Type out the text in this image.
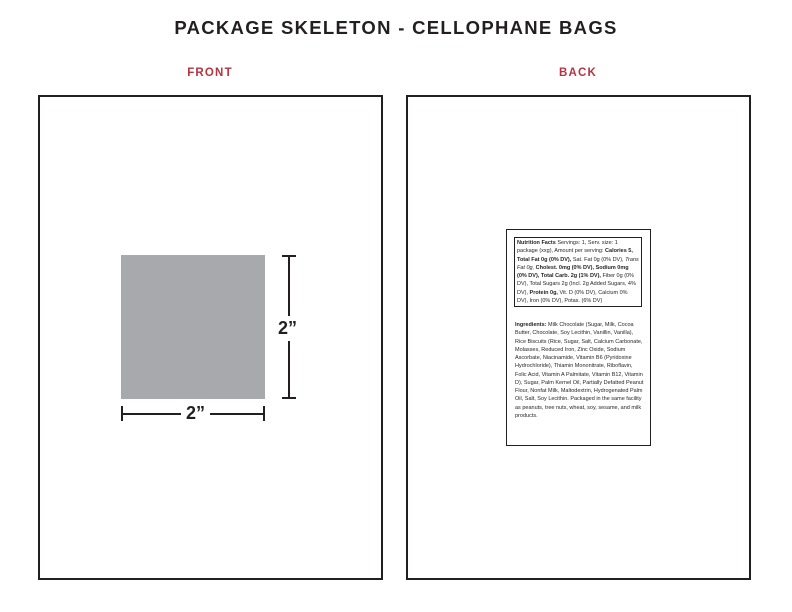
PACKAGE SKELETON - CELLOPHANE BAGS
FRONT	BACK
2”
2”
Nutrition Facts Servings: 1, Serv. size: 1 package (xxg), Amount per serving: Calories 5, Total Fat 0g (0% DV), Sat. Fat 0g (0% DV), Trans Fat 0g, Cholest. 0mg (0% DV), Sodium 0mg (0% DV), Total Carb. 2g (1% DV), Fiber 0g (0% DV), Total Sugars 2g (Incl. 2g Added Sugars, 4% DV), Protein 0g, Vit. D (0% DV), Calcium 0% DV), Iron (0% DV), Potas. (6% DV)
Ingredients: Milk Chocolate (Sugar, Milk, Cocoa Butter, Chocolate, Soy Lecithin, Vanillin, Vanilla), Rice Biscuits (Rice, Sugar, Salt, Calcium Carbonate, Molasses, Reduced Iron, Zinc Oxide, Sodium Ascorbate, Niacinamide, Vitamin B6 (Pyridoxine Hydrochloride), Thiamin Mononitrate, Riboflavin, Folic Acid, Vitamin A Palmitate, Vitamin B12, Vitamin D), Sugar, Palm Kernel Oil, Partially Defatted Peanut Flour, Nonfat Milk, Maltodextrin, Hydrogenated Palm Oil, Salt, Soy Lecithin. Packaged in the same facility as peanuts, tree nuts, wheat, soy, sesame, and milk products.
